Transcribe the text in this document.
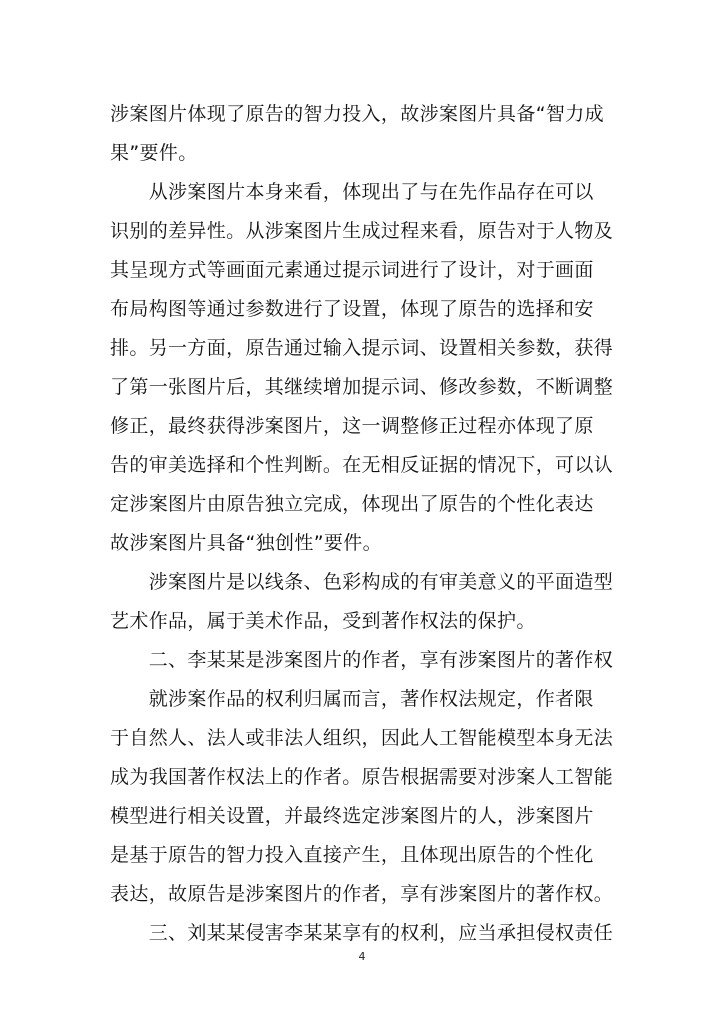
涉案图片体现了原告的智力投入，故涉案图片具备“智力成
果”要件。
　　从涉案图片本身来看，体现出了与在先作品存在可以
识别的差异性。从涉案图片生成过程来看，原告对于人物及
其呈现方式等画面元素通过提示词进行了设计，对于画面
布局构图等通过参数进行了设置，体现了原告的选择和安
排。另一方面，原告通过输入提示词、设置相关参数，获得
了第一张图片后，其继续增加提示词、修改参数，不断调整
修正，最终获得涉案图片，这一调整修正过程亦体现了原
告的审美选择和个性判断。在无相反证据的情况下，可以认
定涉案图片由原告独立完成，体现出了原告的个性化表达
故涉案图片具备“独创性”要件。
　　涉案图片是以线条、色彩构成的有审美意义的平面造型
艺术作品，属于美术作品，受到著作权法的保护。
　　二、李某某是涉案图片的作者，享有涉案图片的著作权
　　就涉案作品的权利归属而言，著作权法规定，作者限
于自然人、法人或非法人组织，因此人工智能模型本身无法
成为我国著作权法上的作者。原告根据需要对涉案人工智能
模型进行相关设置，并最终选定涉案图片的人，涉案图片
是基于原告的智力投入直接产生，且体现出原告的个性化
表达，故原告是涉案图片的作者，享有涉案图片的著作权。
　　三、刘某某侵害李某某享有的权利，应当承担侵权责任
4
